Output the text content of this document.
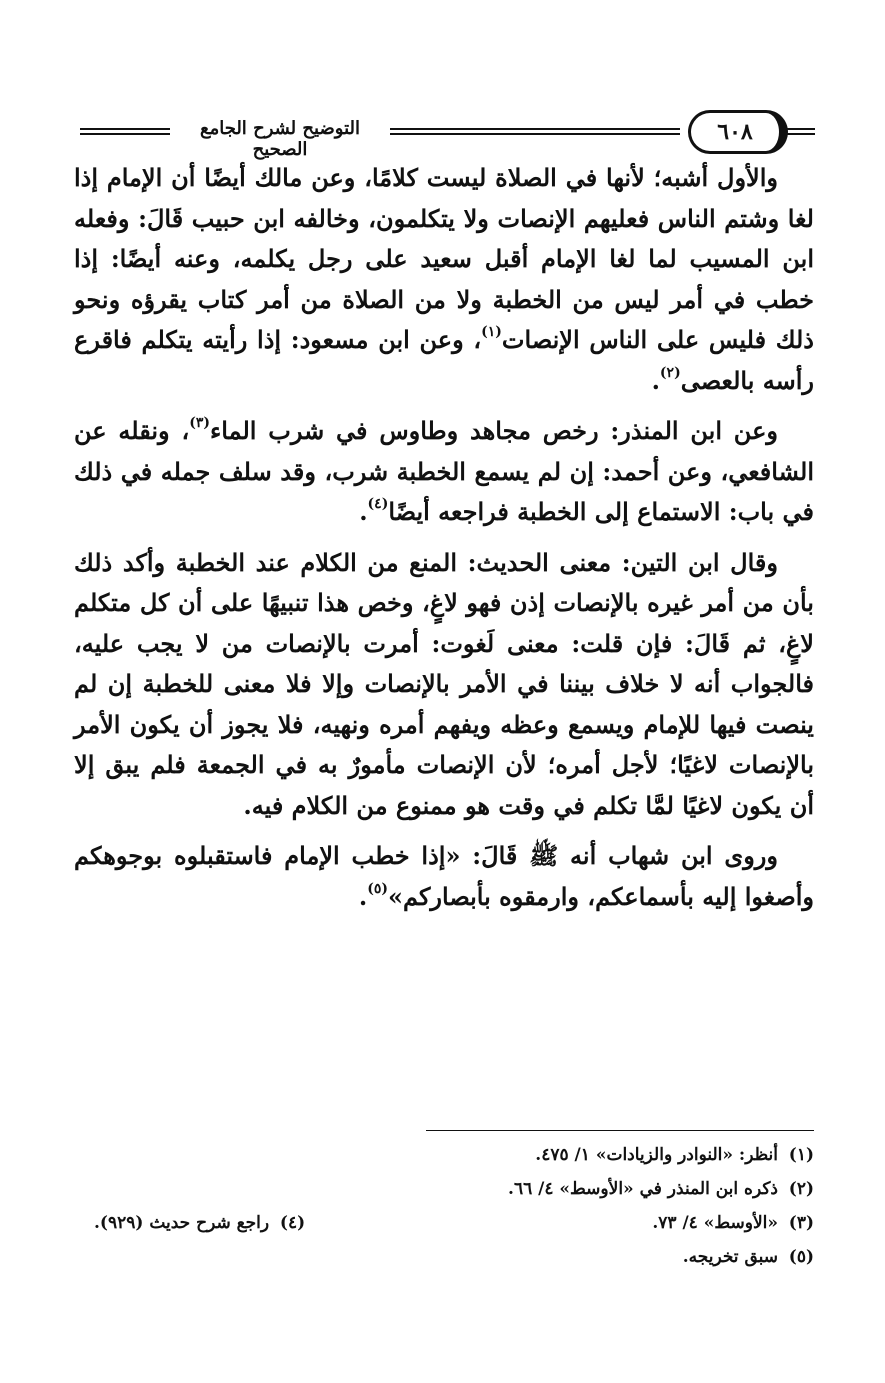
التوضيح لشرح الجامع الصحيح
٦٠٨

والأول أشبه؛ لأنها في الصلاة ليست كلامًا، وعن مالك أيضًا أن الإمام إذا لغا وشتم الناس فعليهم الإنصات ولا يتكلمون، وخالفه ابن حبيب قَالَ: وفعله ابن المسيب لما لغا الإمام أقبل سعيد على رجل يكلمه، وعنه أيضًا: إذا خطب في أمر ليس من الخطبة ولا من الصلاة من أمر كتاب يقرؤه ونحو ذلك فليس على الناس الإنصات$^{(١)}$، وعن ابن مسعود: إذا رأيته يتكلم فاقرع رأسه بالعصى$^{(٢)}$.

وعن ابن المنذر: رخص مجاهد وطاوس في شرب الماء$^{(٣)}$، ونقله عن الشافعي، وعن أحمد: إن لم يسمع الخطبة شرب، وقد سلف جمله في ذلك في باب: الاستماع إلى الخطبة فراجعه أيضًا$^{(٤)}$.

وقال ابن التين: معنى الحديث: المنع من الكلام عند الخطبة وأكد ذلك بأن من أمر غيره بالإنصات إذن فهو لاغٍ، وخص هذا تنبيهًا على أن كل متكلم لاغٍ، ثم قَالَ: فإن قلت: معنى لَغوت: أمرت بالإنصات من لا يجب عليه، فالجواب أنه لا خلاف بيننا في الأمر بالإنصات وإلا فلا معنى للخطبة إن لم ينصت فيها للإمام ويسمع وعظه ويفهم أمره ونهيه، فلا يجوز أن يكون الأمر بالإنصات لاغيًا؛ لأجل أمره؛ لأن الإنصات مأمورٌ به في الجمعة فلم يبق إلا أن يكون لاغيًا لمَّا تكلم في وقت هو ممنوع من الكلام فيه.

وروى ابن شهاب أنه ﷺ قَالَ: «إذا خطب الإمام فاستقبلوه بوجوهكم وأصغوا إليه بأسماعكم، وارمقوه بأبصاركم»$^{(٥)}$.

(١)أنظر: «النوادر والزيادات» ١/ ٤٧٥.
(٢)ذكره ابن المنذر في «الأوسط» ٤/ ٦٦.
(٣)«الأوسط» ٤/ ٧٣.
(٤)راجع شرح حديث (٩٢٩).
(٥)سبق تخريجه.
